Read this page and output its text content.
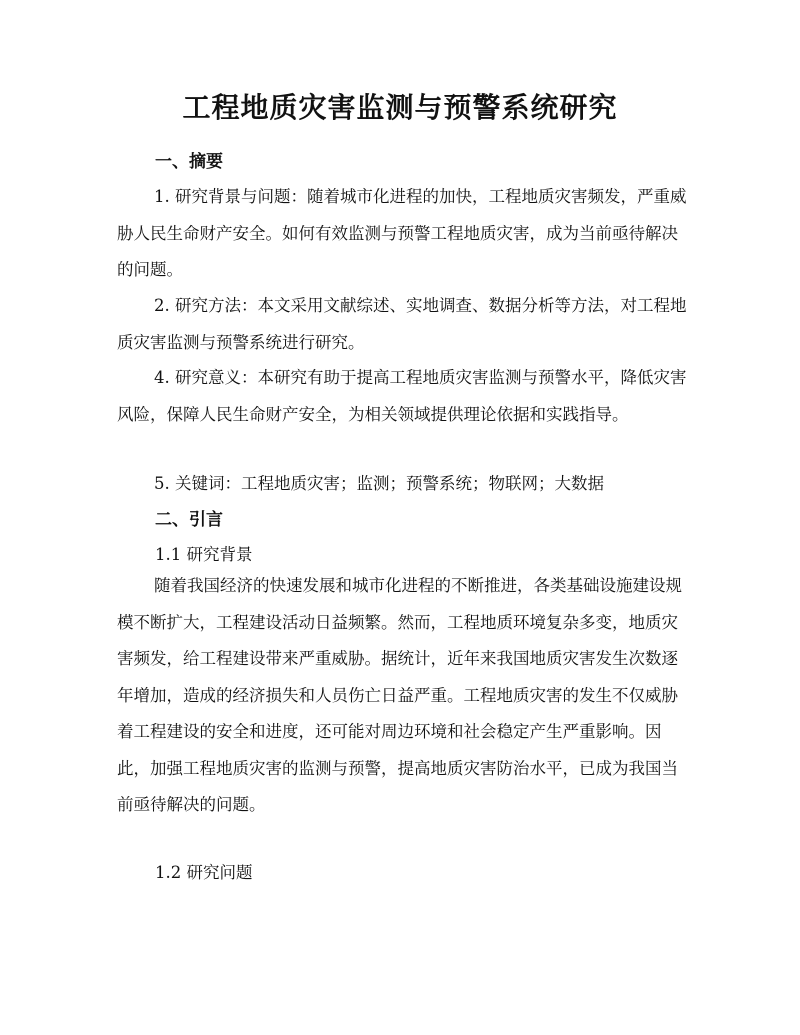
工程地质灾害监测与预警系统研究
一、摘要

1. 研究背景与问题：随着城市化进程的加快，工程地质灾害频发，严重威胁人民生命财产安全。如何有效监测与预警工程地质灾害，成为当前亟待解决的问题。

2. 研究方法：本文采用文献综述、实地调查、数据分析等方法，对工程地质灾害监测与预警系统进行研究。

4. 研究意义：本研究有助于提高工程地质灾害监测与预警水平，降低灾害风险，保障人民生命财产安全，为相关领域提供理论依据和实践指导。

5. 关键词：工程地质灾害；监测；预警系统；物联网；大数据

二、引言
1.1 研究背景

随着我国经济的快速发展和城市化进程的不断推进，各类基础设施建设规模不断扩大，工程建设活动日益频繁。然而，工程地质环境复杂多变，地质灾害频发，给工程建设带来严重威胁。据统计，近年来我国地质灾害发生次数逐年增加，造成的经济损失和人员伤亡日益严重。工程地质灾害的发生不仅威胁着工程建设的安全和进度，还可能对周边环境和社会稳定产生严重影响。因此，加强工程地质灾害的监测与预警，提高地质灾害防治水平，已成为我国当前亟待解决的问题。

1.2 研究问题
